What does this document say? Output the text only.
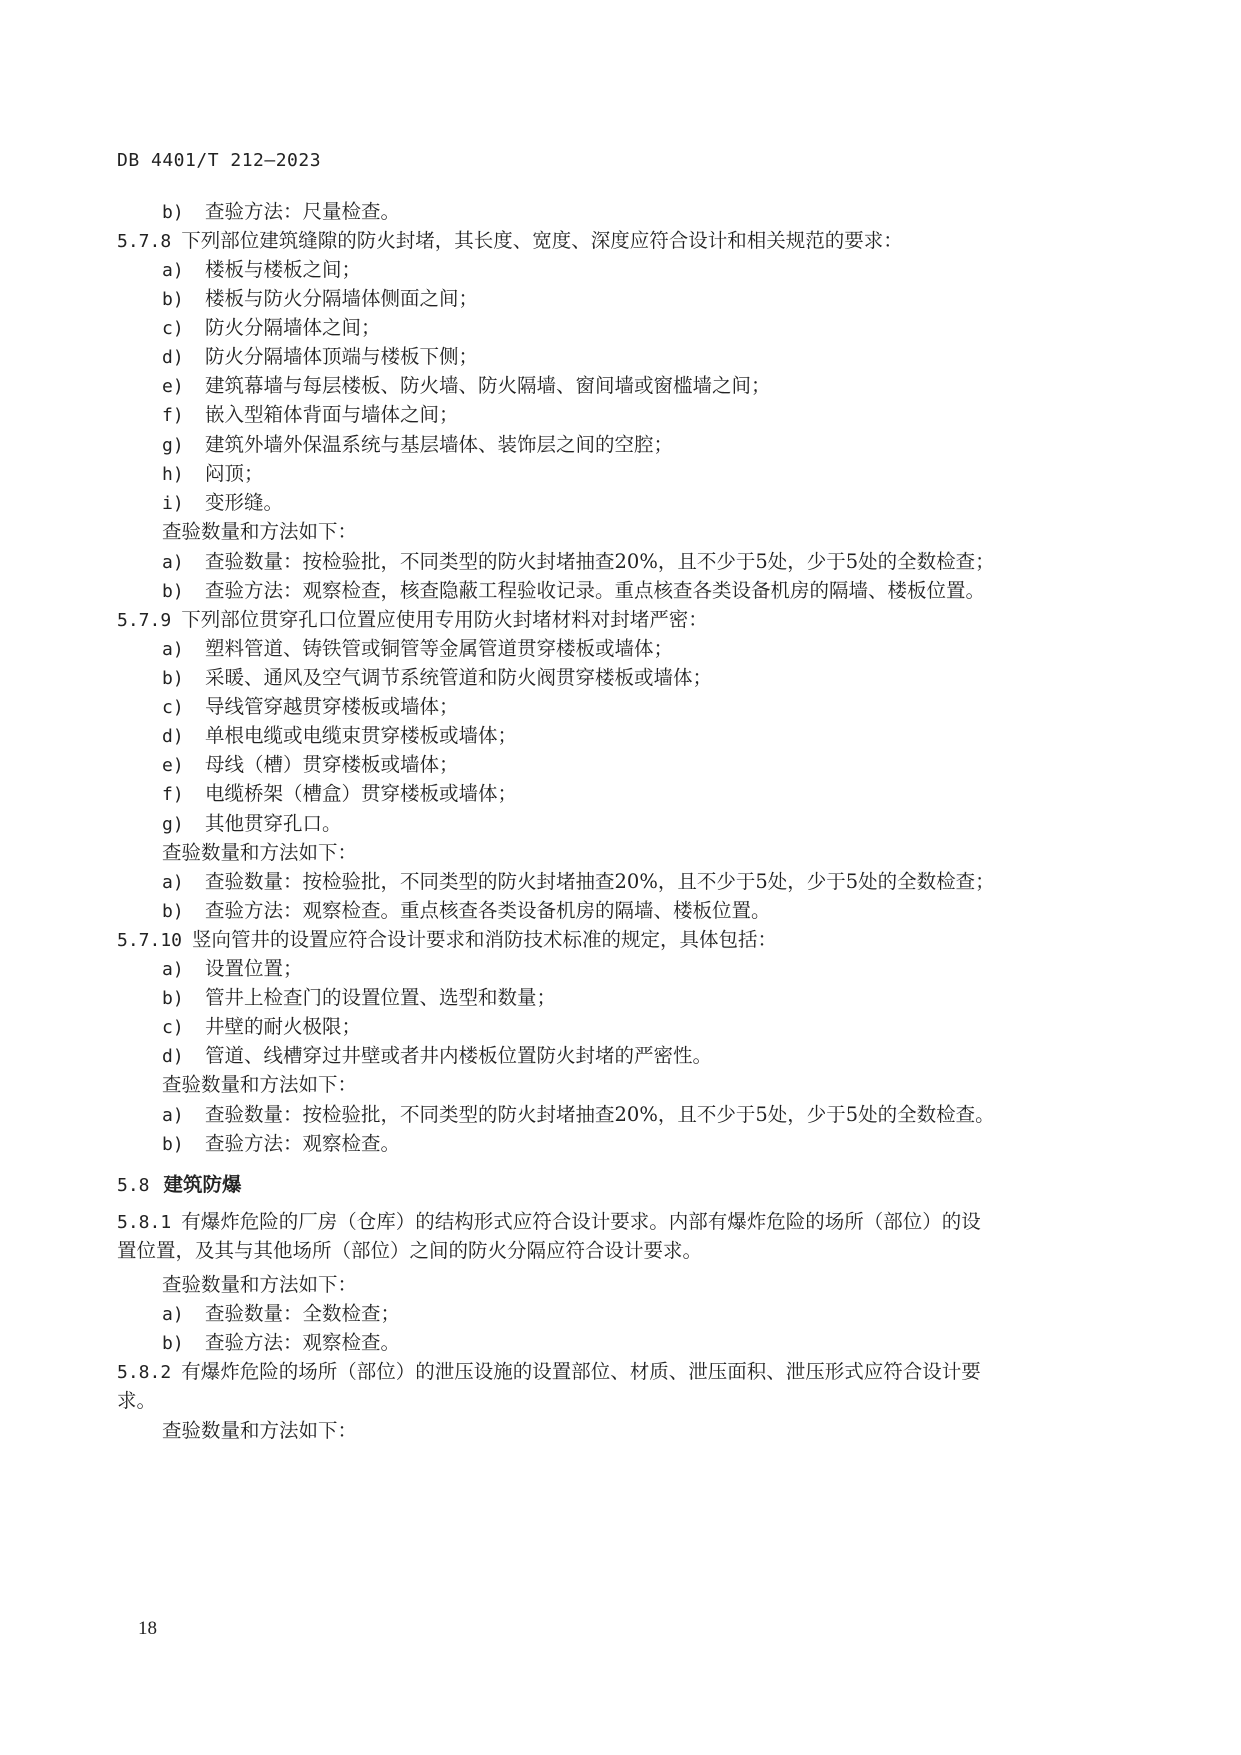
DB 4401/T 212—2023
b) 查验方法：尺量检查。
5.7.8 下列部位建筑缝隙的防火封堵，其长度、宽度、深度应符合设计和相关规范的要求：
a) 楼板与楼板之间；
b) 楼板与防火分隔墙体侧面之间；
c) 防火分隔墙体之间；
d) 防火分隔墙体顶端与楼板下侧；
e) 建筑幕墙与每层楼板、防火墙、防火隔墙、窗间墙或窗槛墙之间；
f) 嵌入型箱体背面与墙体之间；
g) 建筑外墙外保温系统与基层墙体、装饰层之间的空腔；
h) 闷顶；
i) 变形缝。
查验数量和方法如下：
a) 查验数量：按检验批，不同类型的防火封堵抽查20%，且不少于5处，少于5处的全数检查；
b) 查验方法：观察检查，核查隐蔽工程验收记录。重点核查各类设备机房的隔墙、楼板位置。
5.7.9 下列部位贯穿孔口位置应使用专用防火封堵材料对封堵严密：
a) 塑料管道、铸铁管或铜管等金属管道贯穿楼板或墙体；
b) 采暖、通风及空气调节系统管道和防火阀贯穿楼板或墙体；
c) 导线管穿越贯穿楼板或墙体；
d) 单根电缆或电缆束贯穿楼板或墙体；
e) 母线（槽）贯穿楼板或墙体；
f) 电缆桥架（槽盒）贯穿楼板或墙体；
g) 其他贯穿孔口。
查验数量和方法如下：
a) 查验数量：按检验批，不同类型的防火封堵抽查20%，且不少于5处，少于5处的全数检查；
b) 查验方法：观察检查。重点核查各类设备机房的隔墙、楼板位置。
5.7.10 竖向管井的设置应符合设计要求和消防技术标准的规定，具体包括：
a) 设置位置；
b) 管井上检查门的设置位置、选型和数量；
c) 井壁的耐火极限；
d) 管道、线槽穿过井壁或者井内楼板位置防火封堵的严密性。
查验数量和方法如下：
a) 查验数量：按检验批，不同类型的防火封堵抽查20%，且不少于5处，少于5处的全数检查。
b) 查验方法：观察检查。
5.8 建筑防爆
5.8.1 有爆炸危险的厂房（仓库）的结构形式应符合设计要求。内部有爆炸危险的场所（部位）的设
置位置，及其与其他场所（部位）之间的防火分隔应符合设计要求。
查验数量和方法如下：
a) 查验数量：全数检查；
b) 查验方法：观察检查。
5.8.2 有爆炸危险的场所（部位）的泄压设施的设置部位、材质、泄压面积、泄压形式应符合设计要
求。
查验数量和方法如下：
18
